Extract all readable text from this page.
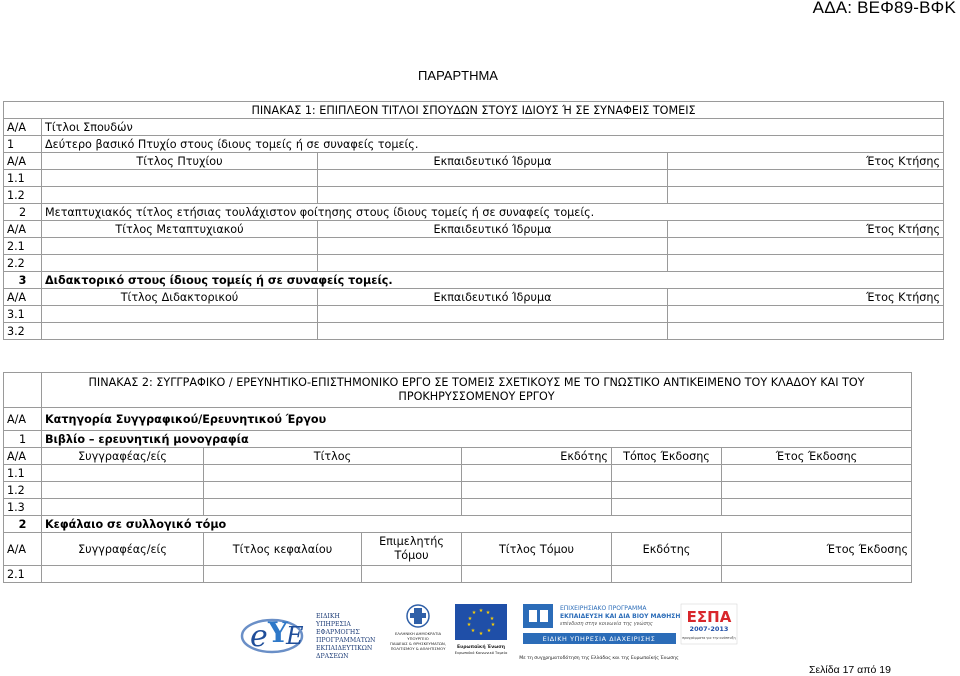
ΑΔΑ: ΒΕΦ89-ΒΦΚ
ΠΑΡΑΡΤΗΜΑ
ΠΙΝΑΚΑΣ 1: ΕΠΙΠΛΕΟΝ ΤΙΤΛΟΙ ΣΠΟΥΔΩΝ ΣΤΟΥΣ ΙΔΙΟΥΣ Ή ΣΕ ΣΥΝΑΦΕΙΣ ΤΟΜΕΙΣ			
Α/Α	Τίτλοι Σπουδών		
1	Δεύτερο βασικό Πτυχίο στους ίδιους τομείς ή σε συναφείς τομείς.		
Α/Α	Τίτλος Πτυχίου	Εκπαιδευτικό Ίδρυμα	Έτος Κτήσης
1.1			
1.2			
2	Μεταπτυχιακός τίτλος ετήσιας τουλάχιστον φοίτησης στους ίδιους τομείς ή σε συναφείς τομείς.		
Α/Α	Τίτλος Μεταπτυχιακού	Εκπαιδευτικό Ίδρυμα	Έτος Κτήσης
2.1			
2.2			
3	Διδακτορικό στους ίδιους τομείς ή σε συναφείς τομείς.		
Α/Α	Τίτλος Διδακτορικού	Εκπαιδευτικό Ίδρυμα	Έτος Κτήσης
3.1			
3.2			
	ΠΙΝΑΚΑΣ 2: ΣΥΓΓΡΑΦΙΚΟ / ΕΡΕΥΝΗΤΙΚΟ-ΕΠΙΣΤΗΜΟΝΙΚΟ ΕΡΓΟ ΣΕ ΤΟΜΕΙΣ ΣΧΕΤΙΚΟΥΣ ΜΕ ΤΟ ΓΝΩΣΤΙΚΟ ΑΝΤΙΚΕΙΜΕΝΟ ΤΟΥ ΚΛΑΔΟΥ ΚΑΙ ΤΟΥ ΠΡΟΚΗΡΥΣΣΟΜΕΝΟΥ ΕΡΓΟΥ					
Α/Α	Κατηγορία Συγγραφικού/Ερευνητικού Έργου					
1	Βιβλίο – ερευνητική μονογραφία					
Α/Α	Συγγραφέας/είς	Τίτλος		Εκδότης	Τόπος Έκδοσης	Έτος Έκδοσης
1.1						
1.2						
1.3						
2	Κεφάλαιο σε συλλογικό τόμο					
Α/Α	Συγγραφέας/είς	Τίτλος κεφαλαίου	Επιμελητής Τόμου	Τίτλος Τόμου	Εκδότης	Έτος Έκδοσης
2.1						
e Y
E
ΕΙΔΙΚΗ
ΥΠΗΡΕΣΙΑ
ΕΦΑΡΜΟΓΗΣ
ΠΡΟΓΡΑΜΜΑΤΩΝ
ΕΚΠΑΙΔΕΥΤΙΚΩΝ
ΔΡΑΣΕΩΝ
ΕΛΛΗΝΙΚΗ ΔΗΜΟΚΡΑΤΙΑ
ΥΠΟΥΡΓΕΙΟ
ΠΑΙΔΕΙΑΣ & ΘΡΗΣΚΕΥΜΑΤΩΝ,
ΠΟΛΙΤΙΣΜΟΥ & ΑΘΛΗΤΙΣΜΟΥ
★ ★
★
★
★
★
★
★
★
★
Ευρωπαϊκή Ένωση
Ευρωπαϊκό Κοινωνικό Ταμείο
ΕΠΙΧΕΙΡΗΣΙΑΚΟ ΠΡΟΓΡΑΜΜΑ
ΕΚΠΑΙΔΕΥΣΗ ΚΑΙ ΔΙΑ ΒΙΟΥ ΜΑΘΗΣΗ
επένδυση στην κοινωνία της γνώσης
ΕΙΔΙΚΗ ΥΠΗΡΕΣΙΑ ΔΙΑΧΕΙΡΙΣΗΣ
ΕΣΠΑ
2007-2013
προγράμματα για την ανάπτυξη
Με τη συγχρηματοδότηση της Ελλάδας και της Ευρωπαϊκής Ένωσης
Σελίδα 17 από 19
